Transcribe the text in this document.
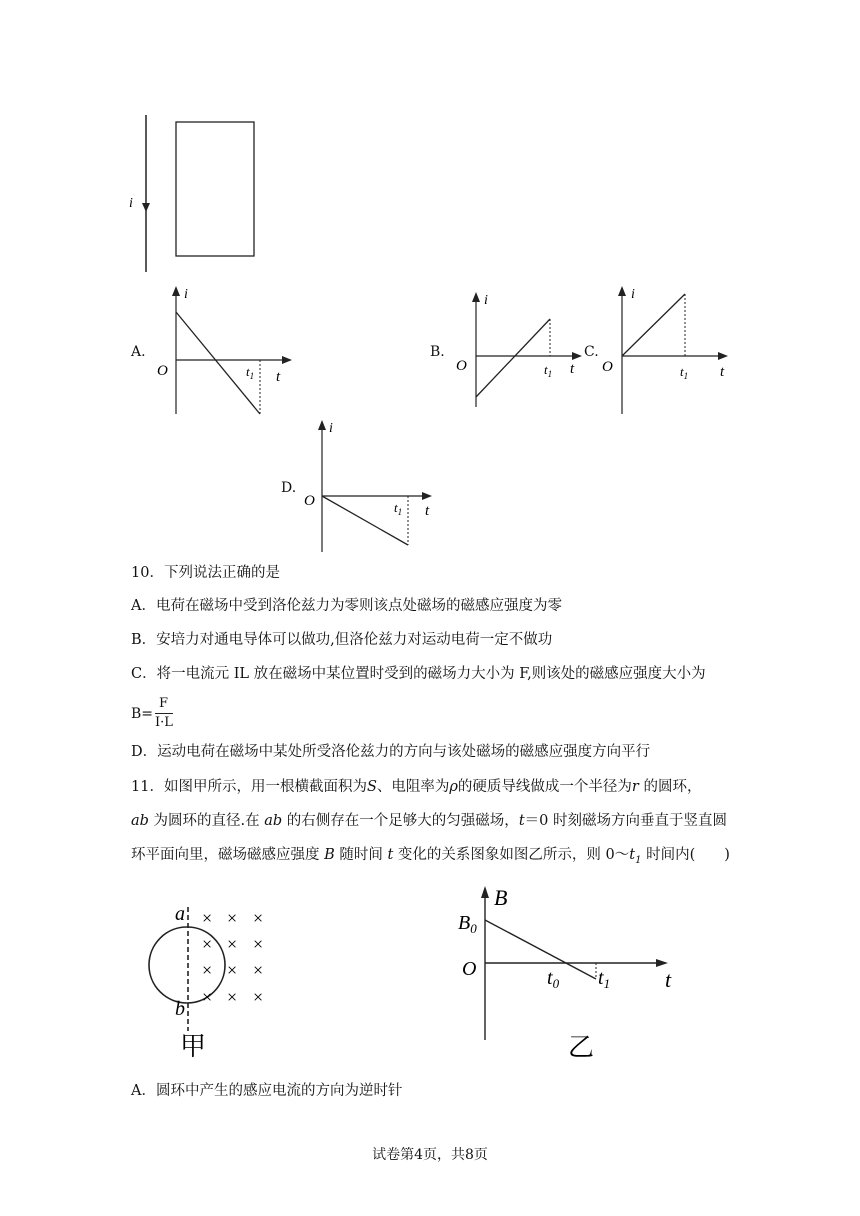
i
A.
i
O	t
$t_1$
B.
i
O	t
$t_1$
C.
i
O	t
$t_1$
D.
i
O
t
$t_1$
10．下列说法正确的是
A．电荷在磁场中受到洛伦兹力为零则该点处磁场的磁感应强度为零
B．安培力对通电导体可以做功,但洛伦兹力对运动电荷一定不做功
C．将一电流元 IL 放在磁场中某位置时受到的磁场力大小为 F,则该处的磁感应强度大小为
B=
F
I·L
D．运动电荷在磁场中某处所受洛伦兹力的方向与该处磁场的磁感应强度方向平行
11．如图甲所示，用一根横截面积为S、电阻率为ρ的硬质导线做成一个半径为r 的圆环，
ab 为圆环的直径.在 ab 的右侧存在一个足够大的匀强磁场，t＝0 时刻磁场方向垂直于竖直圆
环平面向里，磁场磁感应强度 B 随时间 t 变化的关系图象如图乙所示，则 $0\sim t_1$ 时间内(　　)
a
b
× × ×
× × ×
× × ×
× × ×
甲
B
$B_0$
O	$t_0$ $t_1$ t
乙
A．圆环中产生的感应电流的方向为逆时针
试卷第4页，共8页
